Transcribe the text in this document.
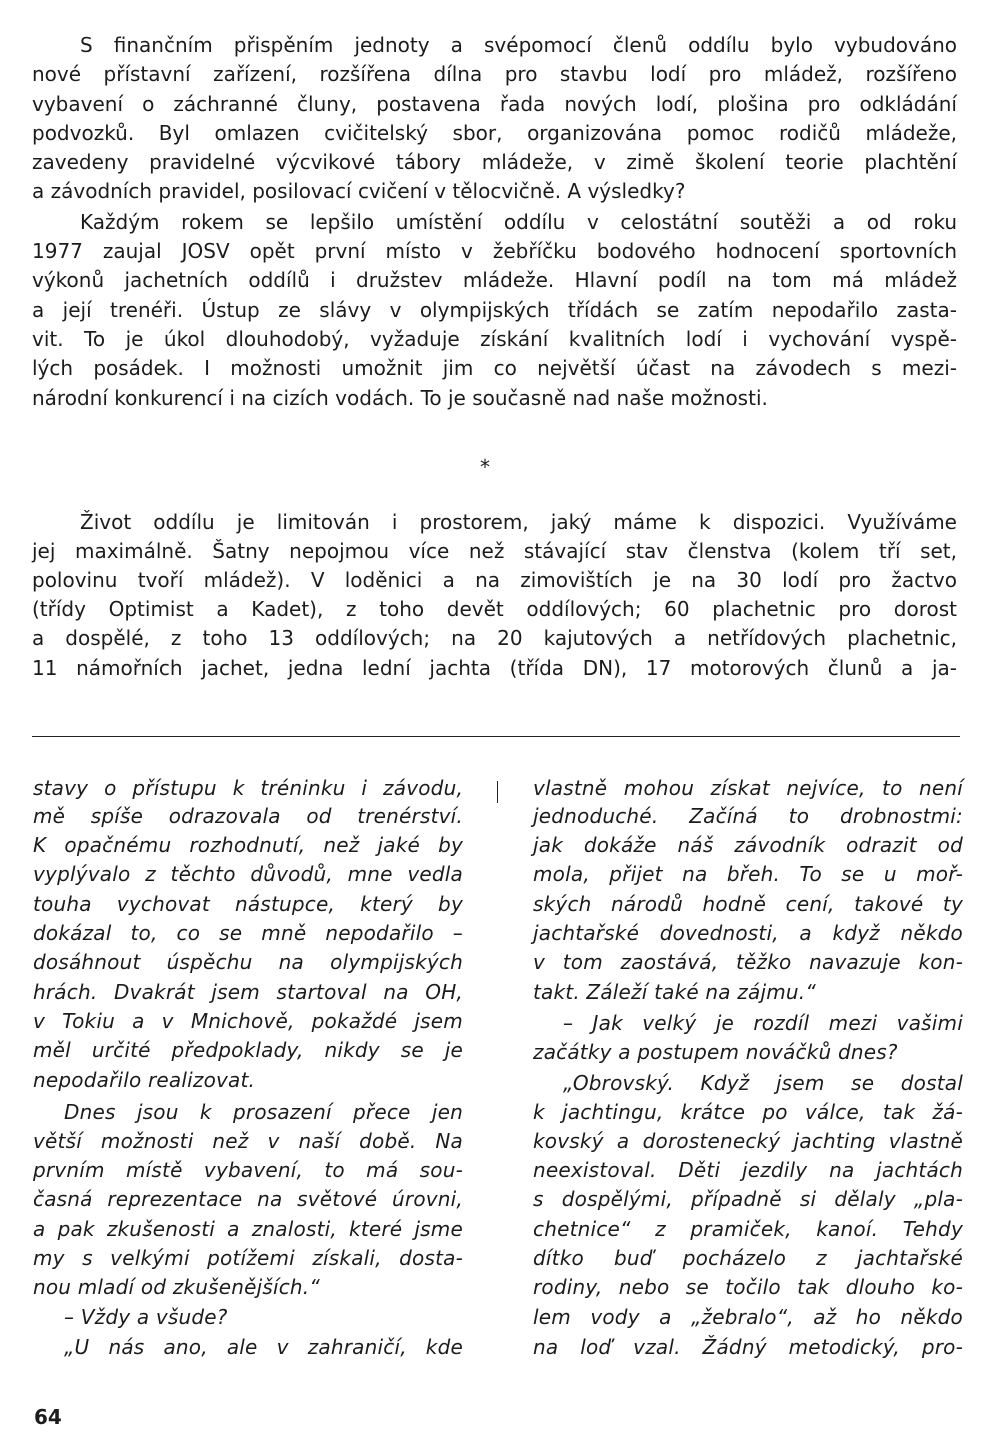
S finančním přispěním jednoty a svépomocí členů oddílu bylo vybudováno
nové přístavní zařízení, rozšířena dílna pro stavbu lodí pro mládež, rozšířeno
vybavení o záchranné čluny, postavena řada nových lodí, plošina pro odkládání
podvozků. Byl omlazen cvičitelský sbor, organizována pomoc rodičů mládeže,
zavedeny pravidelné výcvikové tábory mládeže, v zimě školení teorie plachtění
a závodních pravidel, posilovací cvičení v tělocvičně. A výsledky?
Každým rokem se lepšilo umístění oddílu v celostátní soutěži a od roku
1977 zaujal JOSV opět první místo v žebříčku bodového hodnocení sportovních
výkonů jachetních oddílů i družstev mládeže. Hlavní podíl na tom má mládež
a její trenéři. Ústup ze slávy v olympijských třídách se zatím nepodařilo zasta-
vit. To je úkol dlouhodobý, vyžaduje získání kvalitních lodí i vychování vyspě-
lých posádek. I možnosti umožnit jim co největší účast na závodech s mezi-
národní konkurencí i na cizích vodách. To je současně nad naše možnosti.
*
Život oddílu je limitován i prostorem, jaký máme k dispozici. Využíváme
jej maximálně. Šatny nepojmou více než stávající stav členstva (kolem tří set,
polovinu tvoří mládež). V loděnici a na zimovištích je na 30 lodí pro žactvo
(třídy Optimist a Kadet), z toho devět oddílových; 60 plachetnic pro dorost
a dospělé, z toho 13 oddílových; na 20 kajutových a netřídových plachetnic,
11 námořních jachet, jedna lední jachta (třída DN), 17 motorových člunů a ja-
stavy o přístupu k tréninku i závodu,
mě spíše odrazovala od trenérství.
K opačnému rozhodnutí, než jaké by
vyplývalo z těchto důvodů, mne vedla
touha vychovat nástupce, který by
dokázal to, co se mně nepodařilo –
dosáhnout úspěchu na olympijských
hrách. Dvakrát jsem startoval na OH,
v Tokiu a v Mnichově, pokaždé jsem
měl určité předpoklady, nikdy se je
nepodařilo realizovat.
Dnes jsou k prosazení přece jen
větší možnosti než v naší době. Na
prvním místě vybavení, to má sou-
časná reprezentace na světové úrovni,
a pak zkušenosti a znalosti, které jsme
my s velkými potížemi získali, dosta-
nou mladí od zkušenějších.“
– Vždy a všude?
„U nás ano, ale v zahraničí, kde
vlastně mohou získat nejvíce, to není
jednoduché. Začíná to drobnostmi:
jak dokáže náš závodník odrazit od
mola, přijet na břeh. To se u moř-
ských národů hodně cení, takové ty
jachtařské dovednosti, a když někdo
v tom zaostává, těžko navazuje kon-
takt. Záleží také na zájmu.“
– Jak velký je rozdíl mezi vašimi
začátky a postupem nováčků dnes?
„Obrovský. Když jsem se dostal
k jachtingu, krátce po válce, tak žá-
kovský a dorostenecký jachting vlastně
neexistoval. Děti jezdily na jachtách
s dospělými, případně si dělaly „pla-
chetnice“ z pramiček, kanoí. Tehdy
dítko buď pocházelo z jachtařské
rodiny, nebo se točilo tak dlouho ko-
lem vody a „žebralo“, až ho někdo
na loď vzal. Žádný metodický, pro-
64
